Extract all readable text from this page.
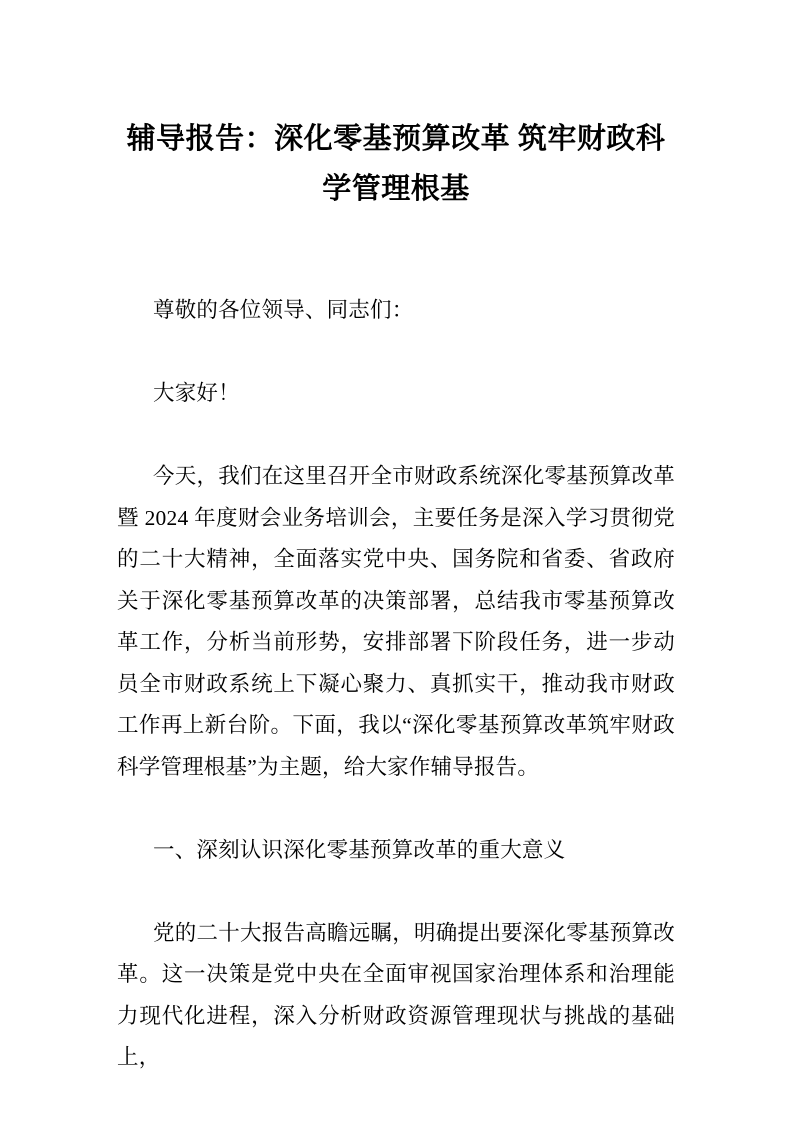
辅导报告：深化零基预算改革 筑牢财政科学管理根基

尊敬的各位领导、同志们：

大家好！

今天，我们在这里召开全市财政系统深化零基预算改革暨 2024 年度财会业务培训会，主要任务是深入学习贯彻党的二十大精神，全面落实党中央、国务院和省委、省政府关于深化零基预算改革的决策部署，总结我市零基预算改革工作，分析当前形势，安排部署下阶段任务，进一步动员全市财政系统上下凝心聚力、真抓实干，推动我市财政工作再上新台阶。下面，我以“深化零基预算改革筑牢财政科学管理根基”为主题，给大家作辅导报告。

一、深刻认识深化零基预算改革的重大意义

党的二十大报告高瞻远瞩，明确提出要深化零基预算改革。这一决策是党中央在全面审视国家治理体系和治理能力现代化进程，深入分析财政资源管理现状与挑战的基础上，
